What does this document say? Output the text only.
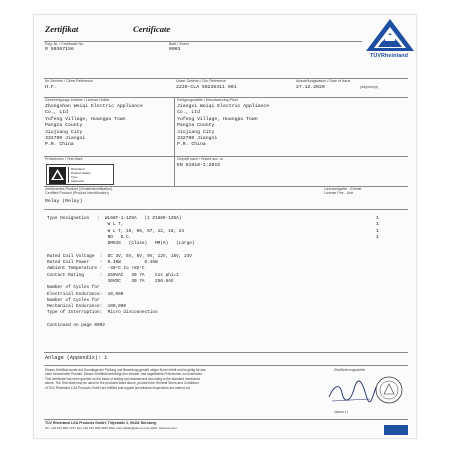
Zertifikat	Certificate
TÜVRheinland
Reg.-Nr. / Certificate No.
R 50367156
Blatt / Sheet
0001
Ihr Zeichen / Client Reference
H.F.
Unser Zeichen / Our Reference
2220-CLA 50236411 001
Ausstellungsdatum / Date of Issue
27.12.2020	(day/mo/yr)
Genehmigungs-Inhaber / License Holder
Zhongshan Weiqi Electric Appliance
Co., Ltd
Yufeng Village, Huangpu Town
Pangza County
Jiujiang City
332700 Jiangxi
P.R. China
Fertigungsstätte / Manufacturing Plant
Jiangxi Weiqi Electric Appliance
Co., Ltd
Yufeng Village, Huangpu Town
Pangza County
Jiujiang City
332700 Jiangxi
P.R. China
Prüfzeichen / Test Mark
Rheinland
Product Safety
Type
Approved
Geprüft nach / Tested acc. to
EN 61810-1:2015
Zertifiziertes Produkt (Geräteidentifikation)
Certified Product (Product Identification)
Lizenzentgelte - Einheit
License Fee - Unit
Relay (Relay)
Type Designation   :  WL68F-1-1Z8A   (1 Z1689-1Z8A)
W L T,
W L T, 15, 06, 07, 12, 18, 24
NO   D.C.
DMO4S   (Close)   MM(H)   (Large)

Rated Coil Voltage  :  DC 3V, 5V, 6V, 9V, 12V, 18V, 24V
Rated Coil Power    :  0.36W         0.45W
Ambient Temperature :  -40°C to +85°C
Contact Rating      :  250VAC   30 7A    Cos phi=1
30VDC    30 7A    250.6Ah
Number of Cycles for
Electrical Endurance:  10,000
Number of Cycles for
Mechanical Endurance:  100,000
Type of Interruption:  Micro disconnection

Continued on page 0002
1
1
1
1
Anlage (Appendix): 1
Dieses Zertifikat wurde auf Grundlage der Prüfung und Bewertung gemäß obiger Norm erteilt und ist gültig für das
oben bezeichnete Produkt. Dieses Zertifikat berechtigt den Inhaber, das abgebildete Prüfzeichen zu verwenden.
This certificate has been granted on the basis of testing and assessment according to the standard mentioned
above. The Test Mark may be used for the products listed above, provided the General Terms and Conditions
of TÜV Rheinland LGA Products GmbH are fulfilled and regular surveillance inspections are carried out.
Zertifizierungsstelle
Jiaruo Li
TÜV Rheinland LGA Products GmbH, Tillystraße 2, 90431 Nürnberg
Tel. +49 221 806-1371 Fax +49 221 806-3935 Mail: cert-validity@de.tuv.com Web: www.tuv.com
